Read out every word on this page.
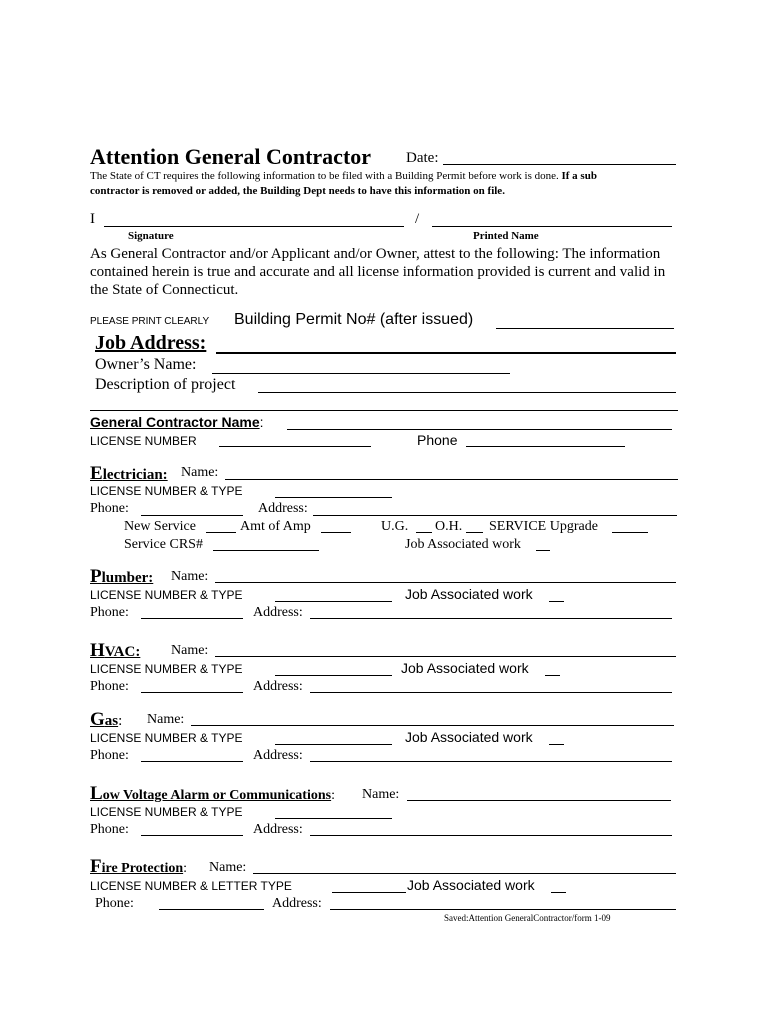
Attention General Contractor Date:
The State of CT requires the following information to be filed with a Building Permit before work is done. If a sub
contractor is removed or added, the Building Dept needs to have this information on file.
I	/
Signature	Printed Name
As General Contractor and/or Applicant and/or Owner, attest to the following: The information
contained herein is true and accurate and all license information provided is current and valid in
the State of Connecticut.
PLEASE PRINT CLEARLY Building Permit No# (after issued)
Job Address:
Owner’s Name:
Description of project
General Contractor Name:
LICENSE NUMBER	Phone
Electrician: Name:
LICENSE NUMBER & TYPE
Phone:	Address:
New Service	Amt of Amp	U.G. O.H. SERVICE Upgrade
Service CRS#	Job Associated work
Plumber: Name:
LICENSE NUMBER & TYPE	Job Associated work
Phone:	Address:
HVAC: Name:
LICENSE NUMBER & TYPE	Job Associated work
Phone:	Address:
Gas: Name:
LICENSE NUMBER & TYPE	Job Associated work
Phone:	Address:
Low Voltage Alarm or Communications: Name:
LICENSE NUMBER & TYPE
Phone:	Address:
Fire Protection: Name:
LICENSE NUMBER & LETTER TYPE	Job Associated work
Phone:	Address:
Saved:Attention GeneralContractor/form 1-09
